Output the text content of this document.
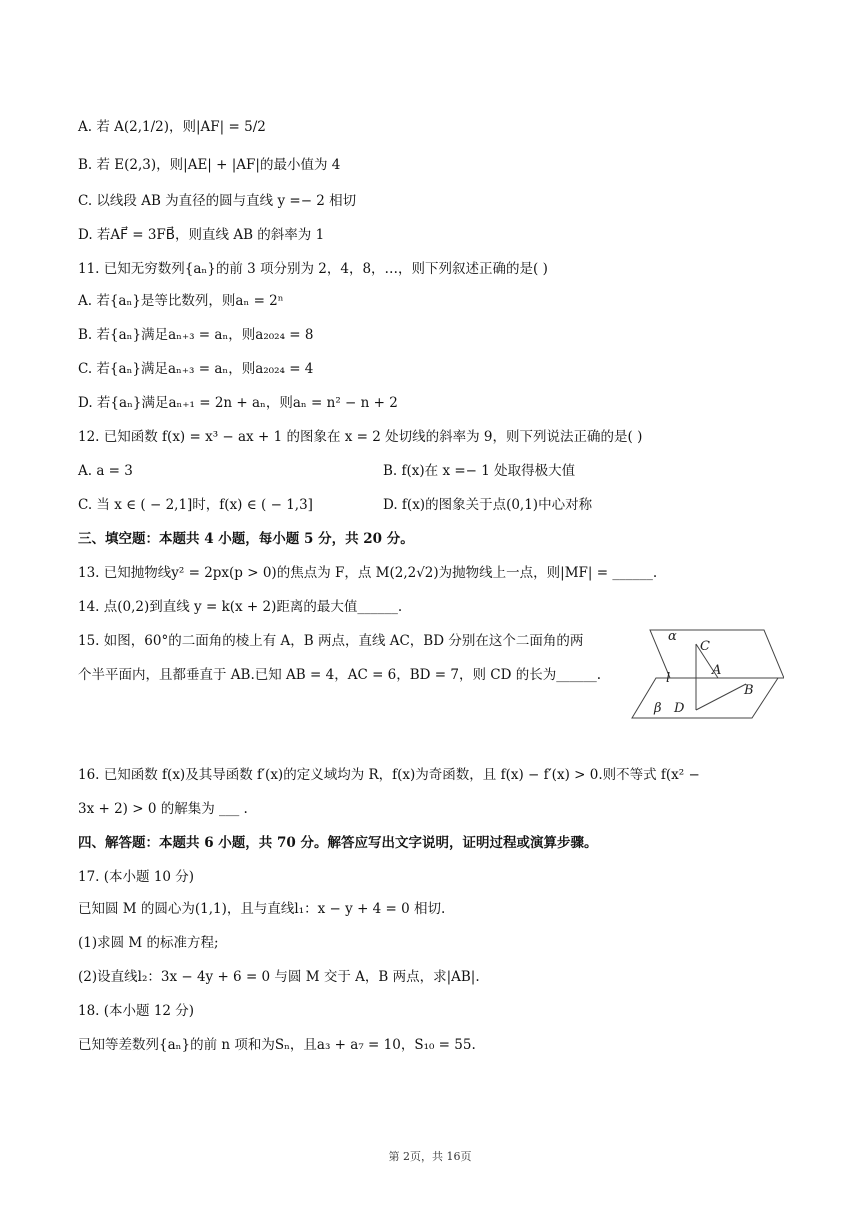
A. 若 A(2,1/2)，则|AF| = 5/2
B. 若 E(2,3)，则|AE| + |AF|的最小值为 4
C. 以线段 AB 为直径的圆与直线 y =− 2 相切
D. 若AF⃗ = 3FB⃗，则直线 AB 的斜率为 1
11. 已知无穷数列{aₙ}的前 3 项分别为 2，4，8，…，则下列叙述正确的是( )
A. 若{aₙ}是等比数列，则aₙ = 2ⁿ
B. 若{aₙ}满足aₙ₊₃ = aₙ，则a₂₀₂₄ = 8
C. 若{aₙ}满足aₙ₊₃ = aₙ，则a₂₀₂₄ = 4
D. 若{aₙ}满足aₙ₊₁ = 2n + aₙ，则aₙ = n² − n + 2
12. 已知函数 f(x) = x³ − ax + 1 的图象在 x = 2 处切线的斜率为 9，则下列说法正确的是( )
A. a = 3	B. f(x)在 x =− 1 处取得极大值
C. 当 x ∈ ( − 2,1]时，f(x) ∈ ( − 1,3]	D. f(x)的图象关于点(0,1)中心对称
三、填空题：本题共 4 小题，每小题 5 分，共 20 分。
13. 已知抛物线y² = 2px(p > 0)的焦点为 F，点 M(2,2√2)为抛物线上一点，则|MF| = ______.
14. 点(0,2)到直线 y = k(x + 2)距离的最大值______.
15. 如图，60°的二面角的棱上有 A，B 两点，直线 AC，BD 分别在这个二面角的两
个半平面内，且都垂直于 AB.已知 AB = 4，AC = 6，BD = 7，则 CD 的长为______.
α
C
A
l
B
β D
16. 已知函数 f(x)及其导函数 f′(x)的定义域均为 R，f(x)为奇函数，且 f(x) − f′(x) > 0.则不等式 f(x² −
3x + 2) > 0 的解集为 ___ .
四、解答题：本题共 6 小题，共 70 分。解答应写出文字说明，证明过程或演算步骤。
17. (本小题 10 分)
已知圆 M 的圆心为(1,1)，且与直线l₁：x − y + 4 = 0 相切.
(1)求圆 M 的标准方程;
(2)设直线l₂：3x − 4y + 6 = 0 与圆 M 交于 A，B 两点，求|AB|.
18. (本小题 12 分)
已知等差数列{aₙ}的前 n 项和为Sₙ，且a₃ + a₇ = 10，S₁₀ = 55.
第 2页，共 16页
